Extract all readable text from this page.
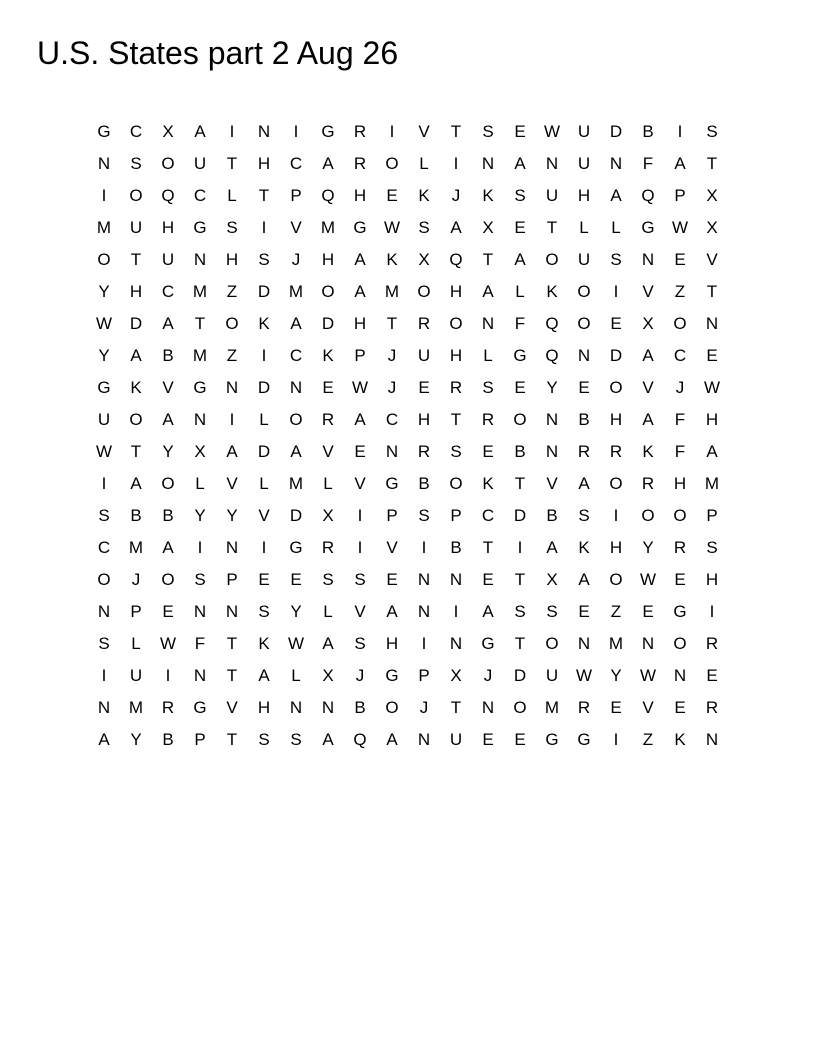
U.S. States part 2 Aug 26
G	C	X	A	I	N	I	G	R	I	V	T	S	E	W	U	D	B	I	S
N	S	O	U	T	H	C	A	R	O	L	I	N	A	N	U	N	F	A	T
I	O	Q	C	L	T	P	Q	H	E	K	J	K	S	U	H	A	Q	P	X
M	U	H	G	S	I	V	M	G	W	S	A	X	E	T	L	L	G	W	X
O	T	U	N	H	S	J	H	A	K	X	Q	T	A	O	U	S	N	E	V
Y	H	C	M	Z	D	M	O	A	M	O	H	A	L	K	O	I	V	Z	T
W	D	A	T	O	K	A	D	H	T	R	O	N	F	Q	O	E	X	O	N
Y	A	B	M	Z	I	C	K	P	J	U	H	L	G	Q	N	D	A	C	E
G	K	V	G	N	D	N	E	W	J	E	R	S	E	Y	E	O	V	J	W
U	O	A	N	I	L	O	R	A	C	H	T	R	O	N	B	H	A	F	H
W	T	Y	X	A	D	A	V	E	N	R	S	E	B	N	R	R	K	F	A
I	A	O	L	V	L	M	L	V	G	B	O	K	T	V	A	O	R	H	M
S	B	B	Y	Y	V	D	X	I	P	S	P	C	D	B	S	I	O	O	P
C	M	A	I	N	I	G	R	I	V	I	B	T	I	A	K	H	Y	R	S
O	J	O	S	P	E	E	S	S	E	N	N	E	T	X	A	O	W	E	H
N	P	E	N	N	S	Y	L	V	A	N	I	A	S	S	E	Z	E	G	I
S	L	W	F	T	K	W	A	S	H	I	N	G	T	O	N	M	N	O	R
I	U	I	N	T	A	L	X	J	G	P	X	J	D	U	W	Y	W	N	E
N	M	R	G	V	H	N	N	B	O	J	T	N	O	M	R	E	V	E	R
A	Y	B	P	T	S	S	A	Q	A	N	U	E	E	G	G	I	Z	K	N
